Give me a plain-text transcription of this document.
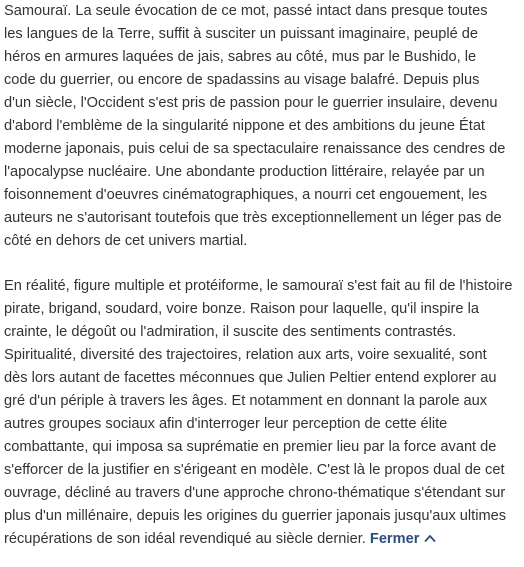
Samouraï. La seule évocation de ce mot, passé intact dans presque toutes
les langues de la Terre, suffit à susciter un puissant imaginaire, peuplé de
héros en armures laquées de jais, sabres au côté, mus par le Bushido, le
code du guerrier, ou encore de spadassins au visage balafré. Depuis plus
d'un siècle, l'Occident s'est pris de passion pour le guerrier insulaire, devenu
d'abord l'emblème de la singularité nippone et des ambitions du jeune État
moderne japonais, puis celui de sa spectaculaire renaissance des cendres de
l'apocalypse nucléaire. Une abondante production littéraire, relayée par un
foisonnement d'oeuvres cinématographiques, a nourri cet engouement, les
auteurs ne s'autorisant toutefois que très exceptionnellement un léger pas de
côté en dehors de cet univers martial.

En réalité, figure multiple et protéiforme, le samouraï s'est fait au fil de l'histoire
pirate, brigand, soudard, voire bonze. Raison pour laquelle, qu'il inspire la
crainte, le dégoût ou l'admiration, il suscite des sentiments contrastés.
Spiritualité, diversité des trajectoires, relation aux arts, voire sexualité, sont
dès lors autant de facettes méconnues que Julien Peltier entend explorer au
gré d'un périple à travers les âges. Et notamment en donnant la parole aux
autres groupes sociaux afin d'interroger leur perception de cette élite
combattante, qui imposa sa suprématie en premier lieu par la force avant de
s'efforcer de la justifier en s'érigeant en modèle. C'est là le propos dual de cet
ouvrage, décliné au travers d'une approche chrono-thématique s'étendant sur
plus d'un millénaire, depuis les origines du guerrier japonais jusqu'aux ultimes
récupérations de son idéal revendiqué au siècle dernier. Fermer
